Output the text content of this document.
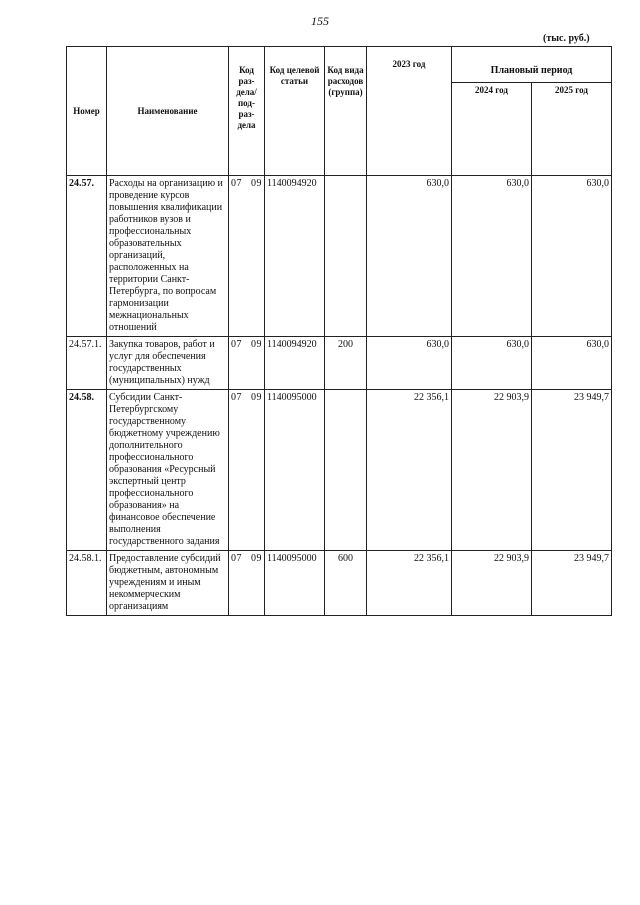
155
(тыс. руб.)
Номер	Наименование	Код раз-дела/ под-раз-дела	Код целевой статьи	Код вида расходов (группа)	2023 год	Плановый период	
						2024 год	2025 год
24.57.	Расходы на организацию и проведение курсов повышения квалификации работников вузов и профессиональных образовательных организаций, расположенных на территории Санкт-Петербурга, по вопросам гармонизации межнациональных отношений	07 09	1140094920		630,0	630,0	630,0
24.57.1.	Закупка товаров, работ и услуг для обеспечения государственных (муниципальных) нужд	07 09	1140094920	200	630,0	630,0	630,0
24.58.	Субсидии Санкт-Петербургскому государственному бюджетному учреждению дополнительного профессионального образования «Ресурсный экспертный центр профессионального образования» на финансовое обеспечение выполнения государственного задания	07 09	1140095000		22 356,1	22 903,9	23 949,7
24.58.1.	Предоставление субсидий бюджетным, автономным учреждениям и иным некоммерческим организациям	07 09	1140095000	600	22 356,1	22 903,9	23 949,7
